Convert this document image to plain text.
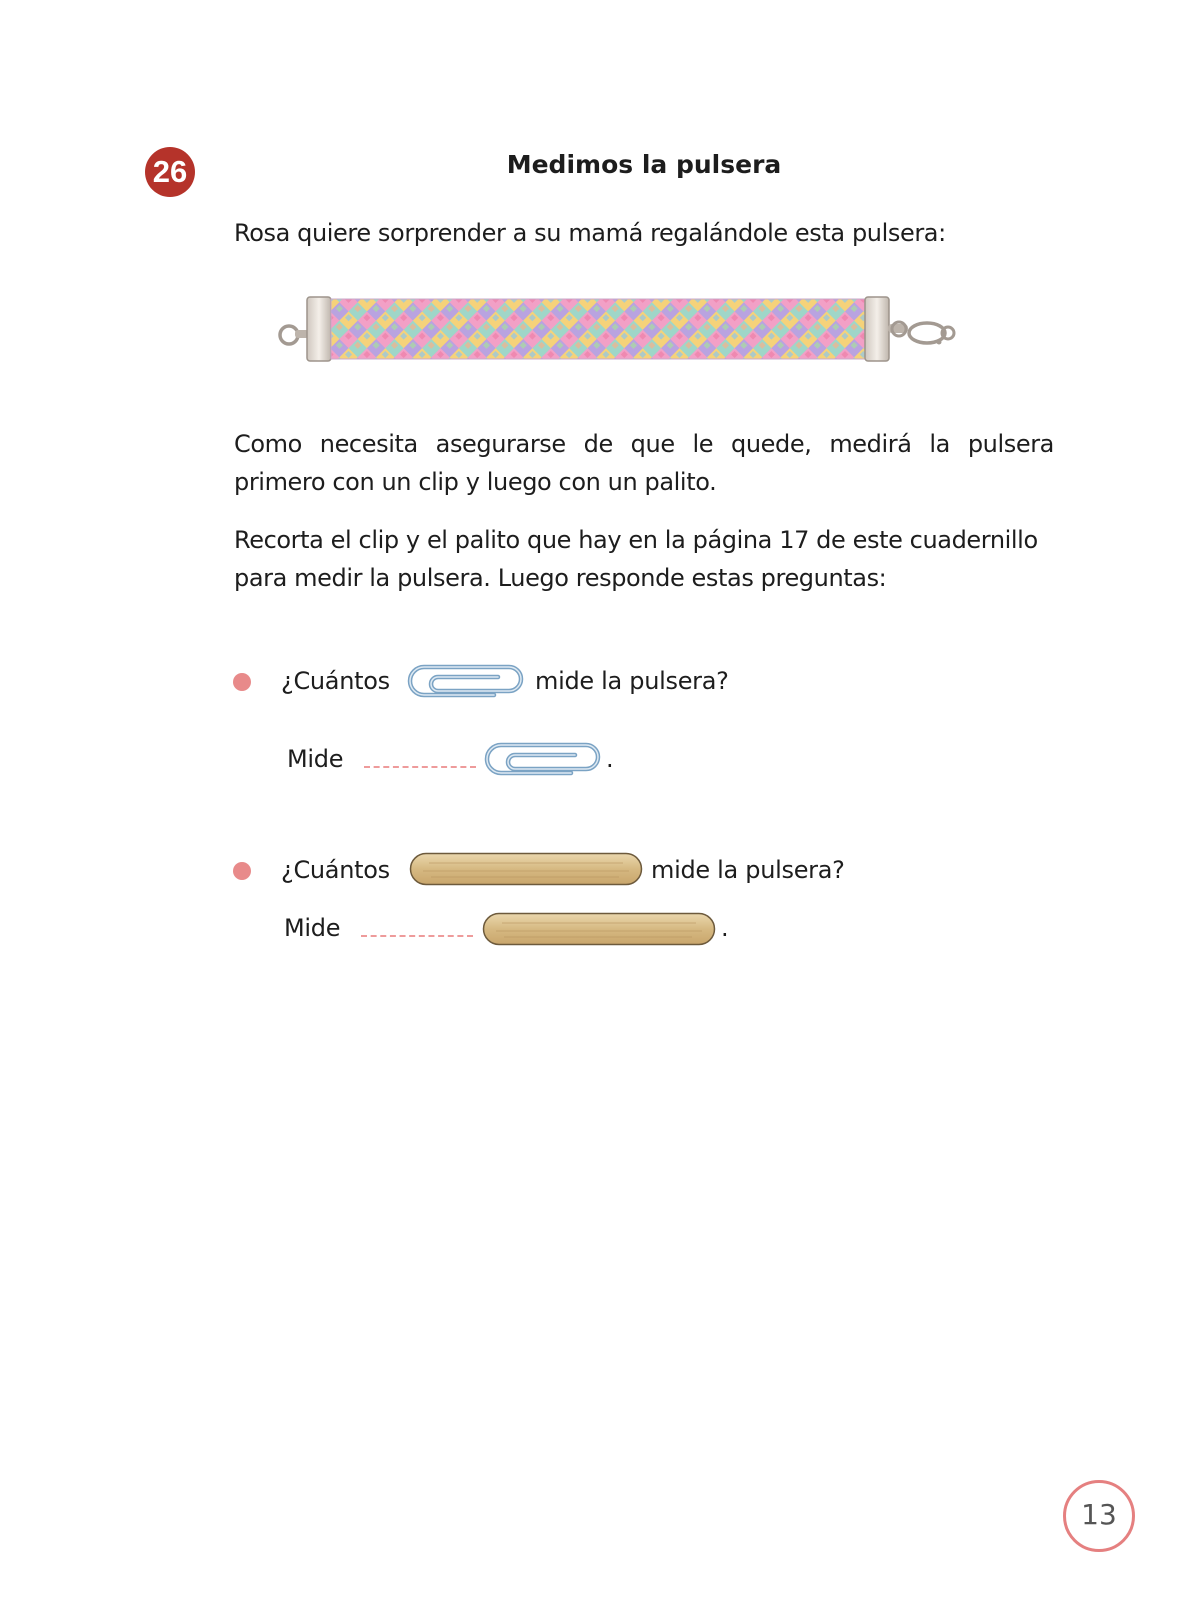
26	Medimos la pulsera

Rosa quiere sorprender a su mamá regalándole esta pulsera:

Como necesita asegurarse de que le quede, medirá la pulsera primero con un clip y luego con un palito.

Recorta el clip y el palito que hay en la página 17 de este cuadernillo para medir la pulsera. Luego responde estas preguntas:

¿Cuántos	mide la pulsera?
Mide	.
¿Cuántos	mide la pulsera?
Mide	.
13
